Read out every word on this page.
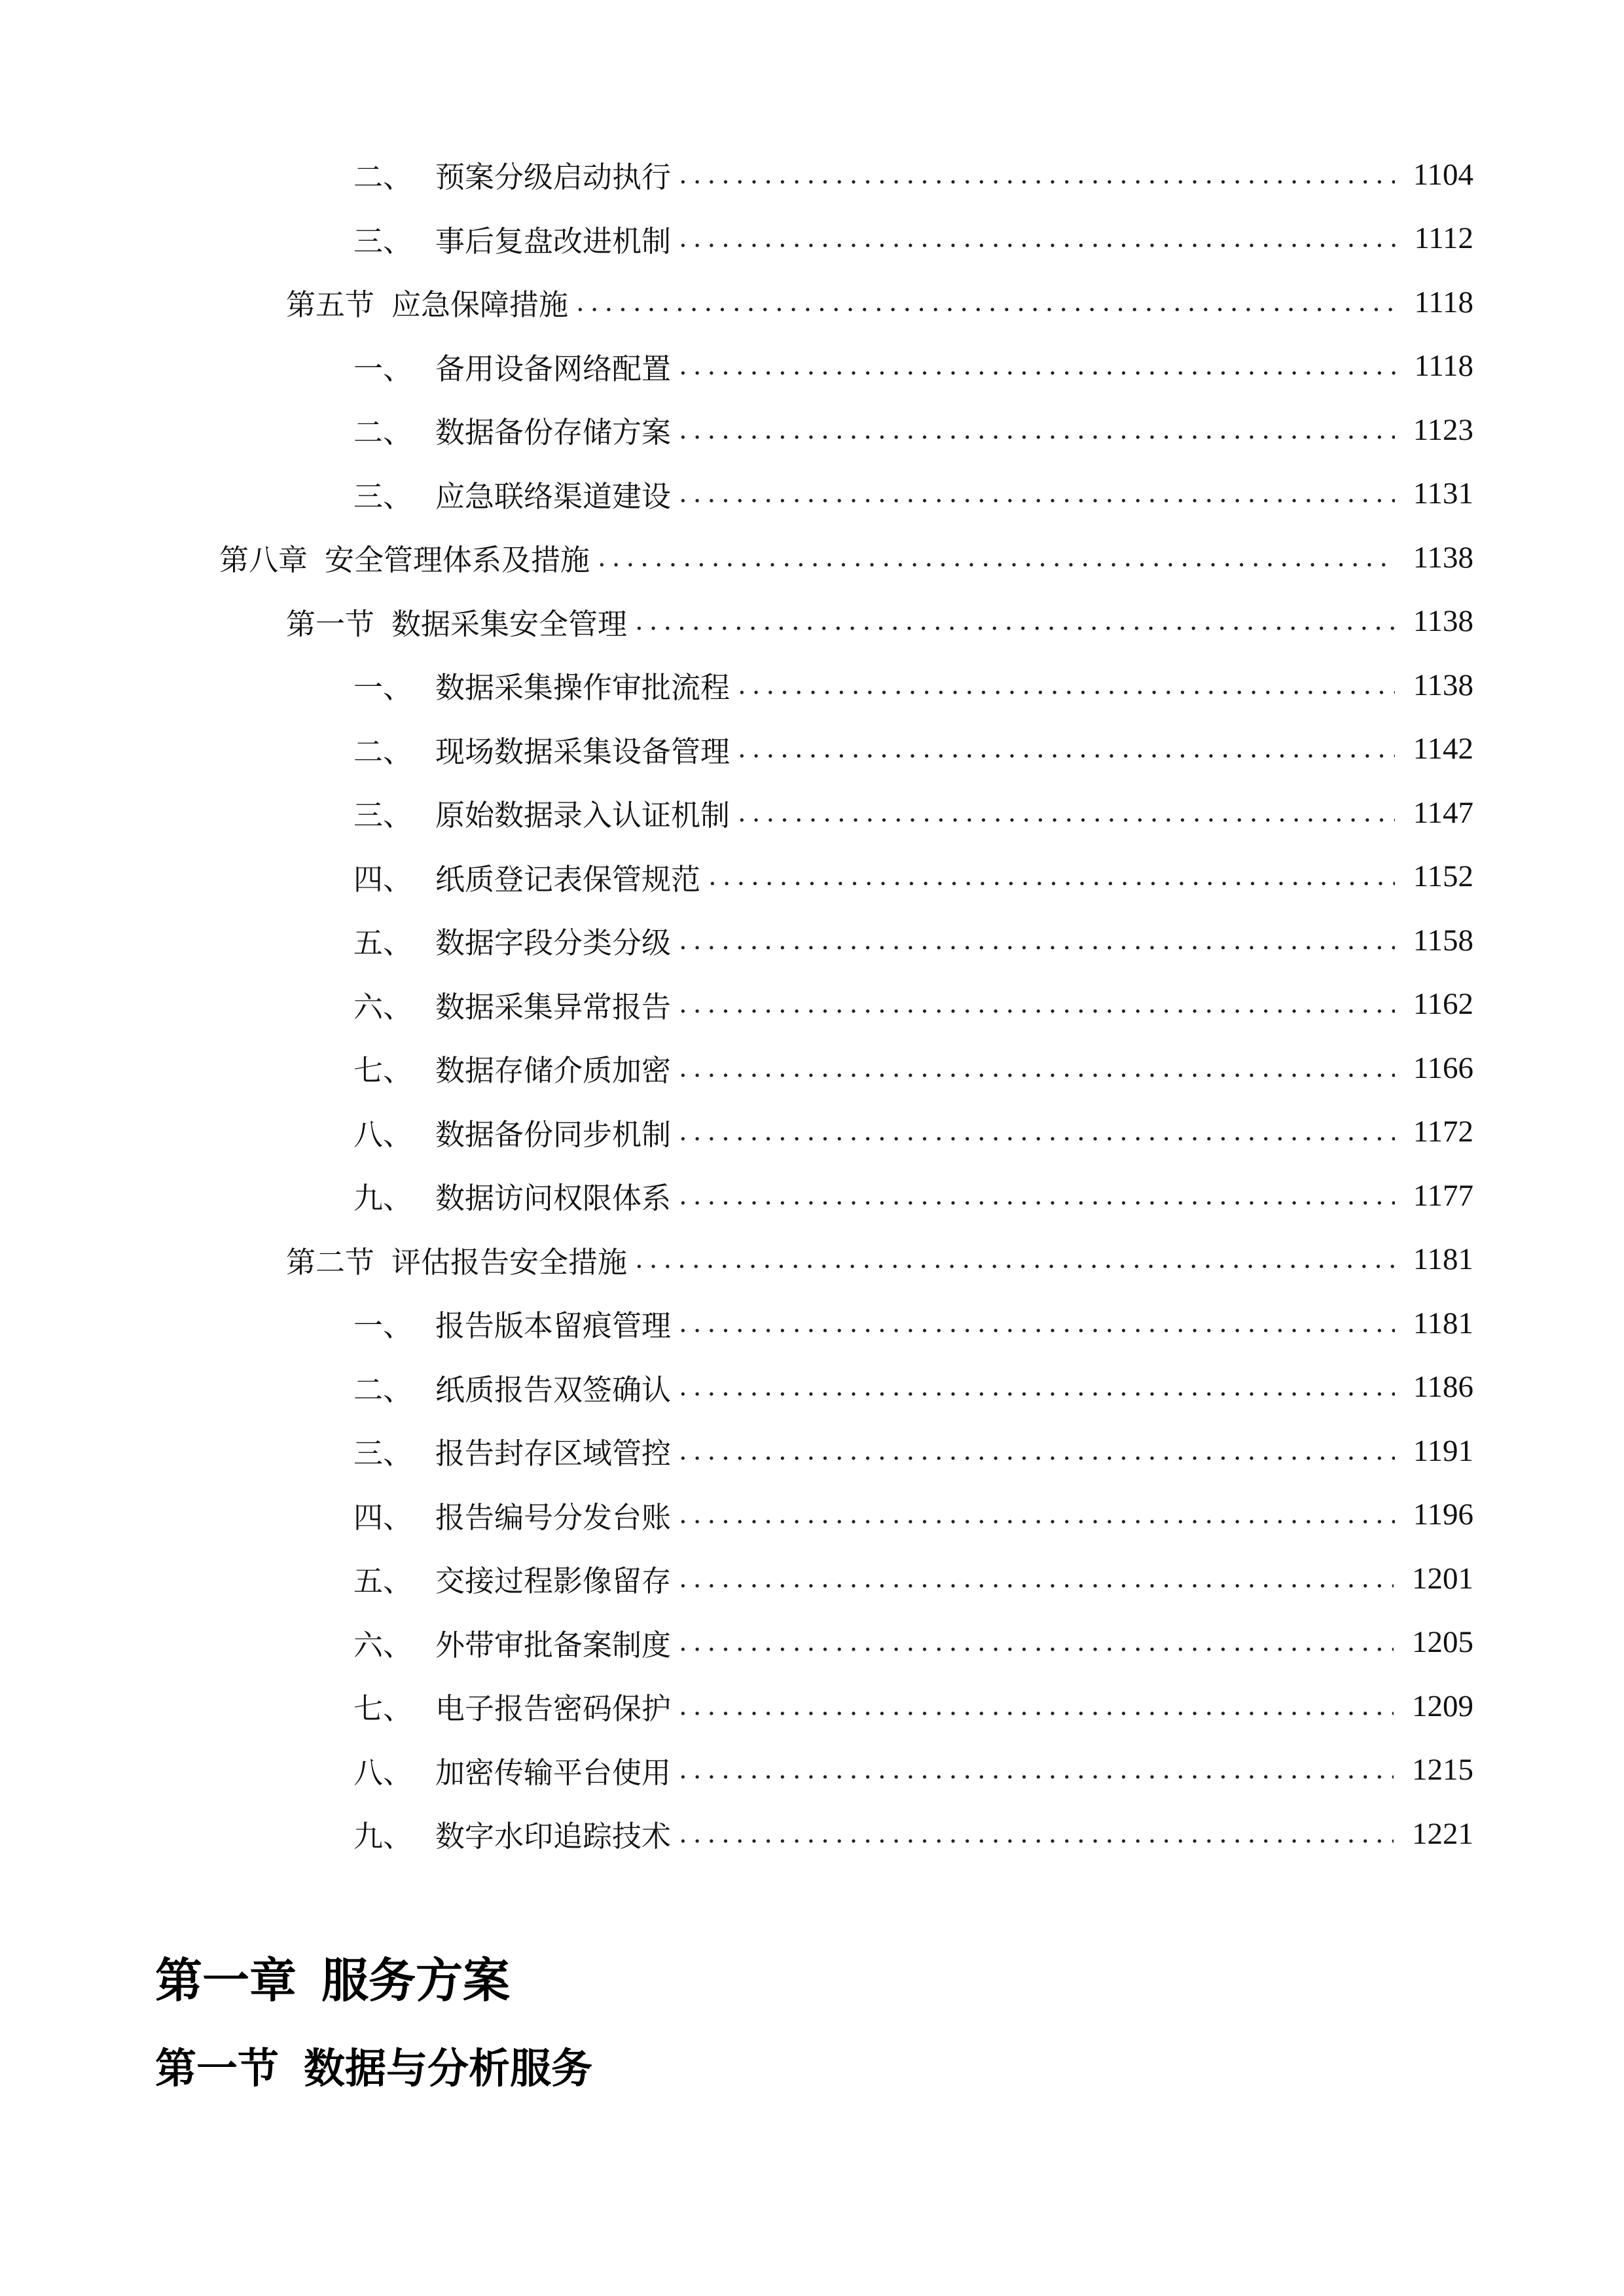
二、 预案分级启动执行 .....	1104
三、 事后复盘改进机制 .....	1112
第五节 应急保障措施 .....	1118
一、 备用设备网络配置 .....	1118
二、 数据备份存储方案 .....	1123
三、 应急联络渠道建设 .....	1131
第八章 安全管理体系及措施 .....	1138
第一节 数据采集安全管理 .....	1138
一、 数据采集操作审批流程 .....	1138
二、 现场数据采集设备管理 .....	1142
三、 原始数据录入认证机制 .....	1147
四、 纸质登记表保管规范 .....	1152
五、 数据字段分类分级 .....	1158
六、 数据采集异常报告 .....	1162
七、 数据存储介质加密 .....	1166
八、 数据备份同步机制 .....	1172
九、 数据访问权限体系 .....	1177
第二节 评估报告安全措施 .....	1181
一、 报告版本留痕管理 .....	1181
二、 纸质报告双签确认 .....	1186
三、 报告封存区域管控 .....	1191
四、 报告编号分发台账 .....	1196
五、 交接过程影像留存 .....	1201
六、 外带审批备案制度 .....	1205
七、 电子报告密码保护 .....	1209
八、 加密传输平台使用 .....	1215
九、 数字水印追踪技术 .....	1221
第一章 服务方案
第一节 数据与分析服务
